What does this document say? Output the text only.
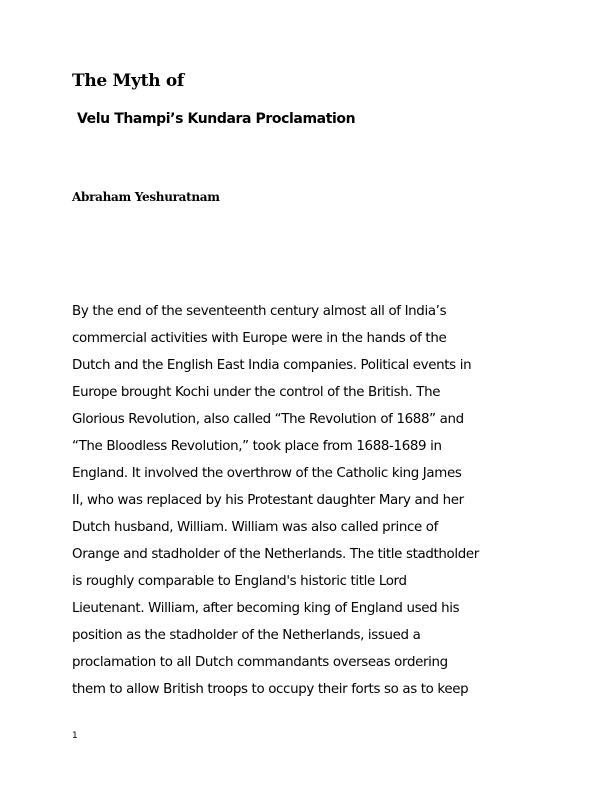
The Myth of
Velu Thampi’s Kundara Proclamation

Abraham Yeshuratnam

By the end of the seventeenth century almost all of India’s
commercial activities with Europe were in the hands of the
Dutch and the English East India companies. Political events in
Europe brought Kochi under the control of the British. The
Glorious Revolution, also called “The Revolution of 1688” and
“The Bloodless Revolution,” took place from 1688-1689 in
England. It involved the overthrow of the Catholic king James
II, who was replaced by his Protestant daughter Mary and her
Dutch husband, William. William was also called prince of
Orange and stadholder of the Netherlands. The title stadtholder
is roughly comparable to England's historic title Lord
Lieutenant. William, after becoming king of England used his
position as the stadholder of the Netherlands, issued a
proclamation to all Dutch commandants overseas ordering
them to allow British troops to occupy their forts so as to keep

1
